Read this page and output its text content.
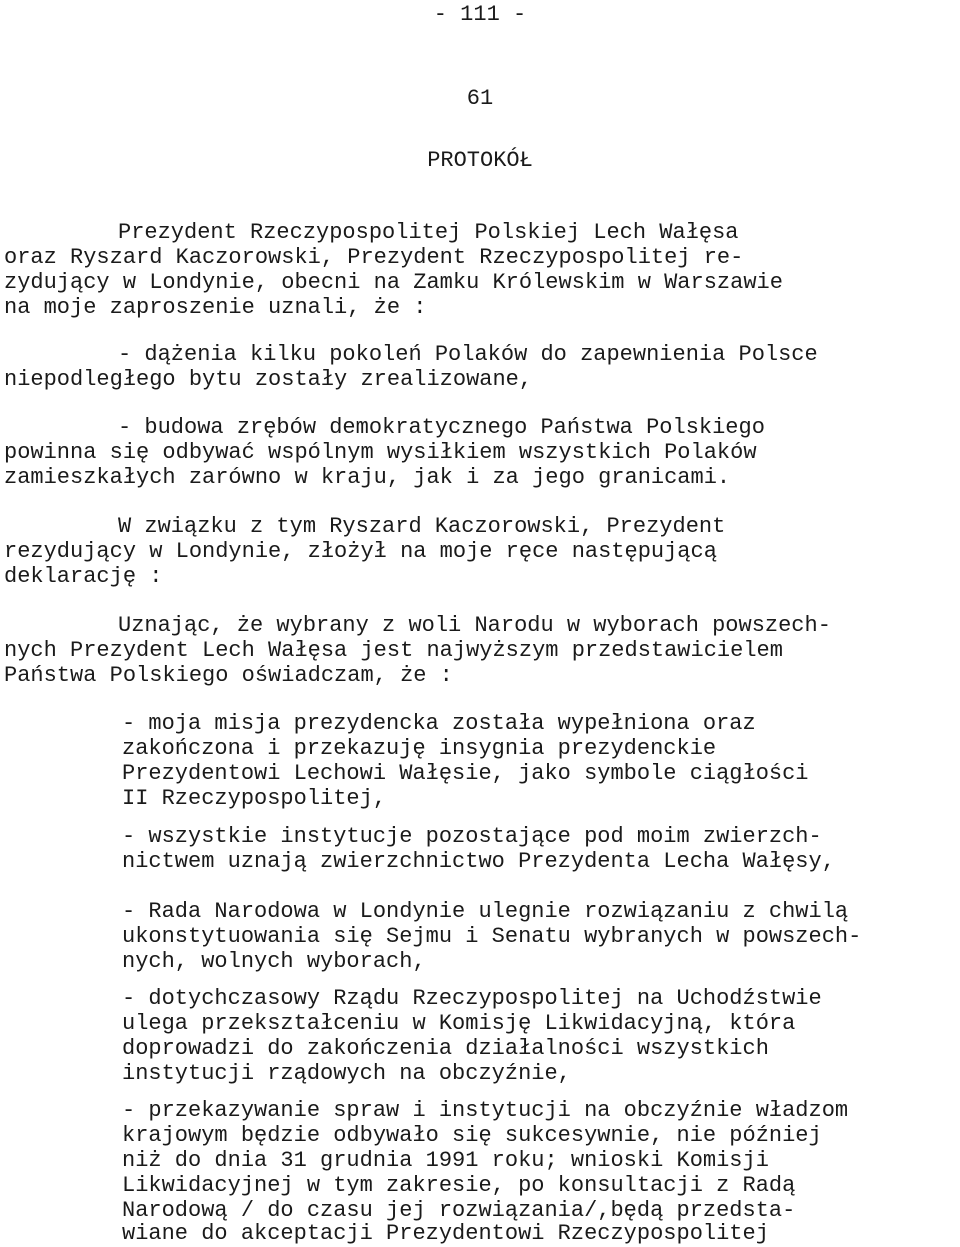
- 111 -
61
PROTOKÓŁ
Prezydent Rzeczypospolitej Polskiej Lech Wałęsa
oraz Ryszard Kaczorowski, Prezydent Rzeczypospolitej re-
zydujący w Londynie, obecni na Zamku Królewskim w Warszawie
na moje zaproszenie uznali, że :
- dążenia kilku pokoleń Polaków do zapewnienia Polsce
niepodległego bytu zostały zrealizowane,
- budowa zrębów demokratycznego Państwa Polskiego
powinna się odbywać wspólnym wysiłkiem wszystkich Polaków
zamieszkałych zarówno w kraju, jak i za jego granicami.
W związku z tym Ryszard Kaczorowski, Prezydent
rezydujący w Londynie, złożył na moje ręce następującą
deklarację :
Uznając, że wybrany z woli Narodu w wyborach powszech-
nych Prezydent Lech Wałęsa jest najwyższym przedstawicielem
Państwa Polskiego oświadczam, że :
- moja misja prezydencka została wypełniona oraz
zakończona i przekazuję insygnia prezydenckie
Prezydentowi Lechowi Wałęsie, jako symbole ciągłości
II Rzeczypospolitej,
- wszystkie instytucje pozostające pod moim zwierzch-
nictwem uznają zwierzchnictwo Prezydenta Lecha Wałęsy,
- Rada Narodowa w Londynie ulegnie rozwiązaniu z chwilą
ukonstytuowania się Sejmu i Senatu wybranych w powszech-
nych, wolnych wyborach,
- dotychczasowy Rządu Rzeczypospolitej na Uchodźstwie
ulega przekształceniu w Komisję Likwidacyjną, która
doprowadzi do zakończenia działalności wszystkich
instytucji rządowych na obczyźnie,
- przekazywanie spraw i instytucji na obczyźnie władzom
krajowym będzie odbywało się sukcesywnie, nie później
niż do dnia 31 grudnia 1991 roku; wnioski Komisji
Likwidacyjnej w tym zakresie, po konsultacji z Radą
Narodową / do czasu jej rozwiązania/,będą przedsta-
wiane do akceptacji Prezydentowi Rzeczypospolitej
